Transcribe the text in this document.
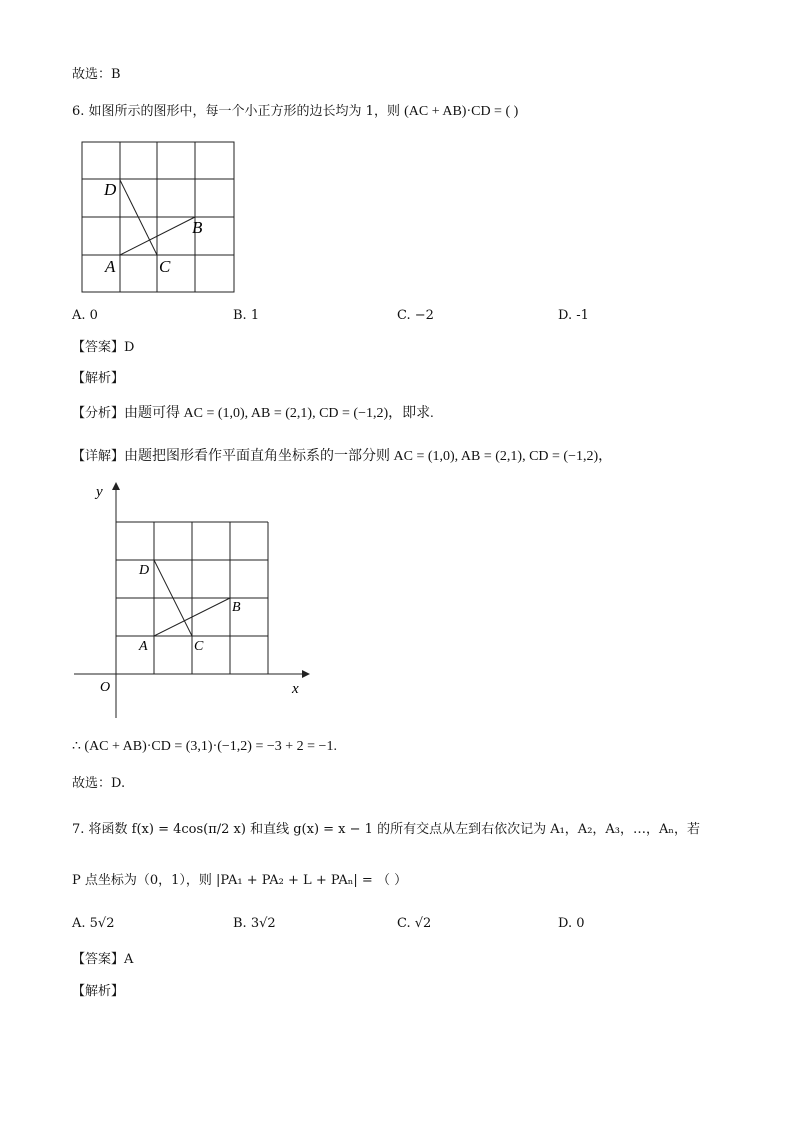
故选：B
6. 如图所示的图形中，每一个小正方形的边长均为 1，则 (AC + AB)·CD = ( )
D
B
A	C
A. 0	B. 1	C. −2	D. -1
【答案】D
【解析】
【分析】由题可得 AC = (1,0), AB = (2,1), CD = (−1,2)，即求.
【详解】由题把图形看作平面直角坐标系的一部分则 AC = (1,0), AB = (2,1), CD = (−1,2)，
y
x
O
D
B
A	C
∴ (AC + AB)·CD = (3,1)·(−1,2) = −3 + 2 = −1.
故选：D.
7. 将函数 f(x) = 4cos(π/2 x) 和直线 g(x) = x − 1 的所有交点从左到右依次记为 A₁，A₂，A₃，…，Aₙ，若
P 点坐标为（0，1），则 |PA₁ + PA₂ + L + PAₙ| = （ ）
A. 5√2	B. 3√2	C. √2	D. 0
【答案】A
【解析】
